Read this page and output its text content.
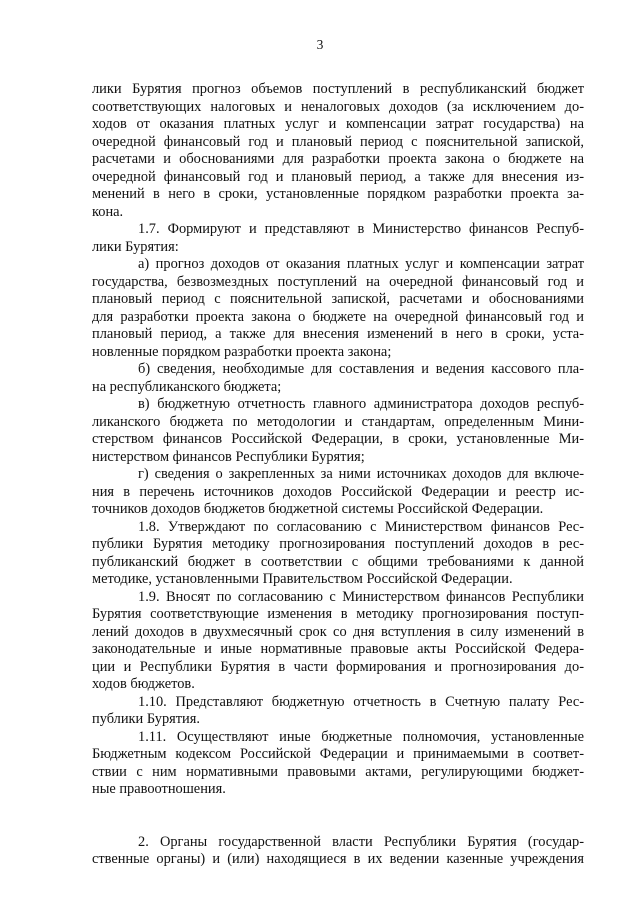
3
лики Бурятия прогноз объемов поступлений в республиканский бюджет
соответствующих налоговых и неналоговых доходов (за исключением до-
ходов от оказания платных услуг и компенсации затрат государства) на
очередной финансовый год и плановый период с пояснительной запиской,
расчетами и обоснованиями для разработки проекта закона о бюджете на
очередной финансовый год и плановый период, а также для внесения из-
менений в него в сроки, установленные порядком разработки проекта за-
кона.
1.7. Формируют и представляют в Министерство финансов Респуб-
лики Бурятия:
а) прогноз доходов от оказания платных услуг и компенсации затрат
государства, безвозмездных поступлений на очередной финансовый год и
плановый период с пояснительной запиской, расчетами и обоснованиями
для разработки проекта закона о бюджете на очередной финансовый год и
плановый период, а также для внесения изменений в него в сроки, уста-
новленные порядком разработки проекта закона;
б) сведения, необходимые для составления и ведения кассового пла-
на республиканского бюджета;
в) бюджетную отчетность главного администратора доходов респуб-
ликанского бюджета по методологии и стандартам, определенным Мини-
стерством финансов Российской Федерации, в сроки, установленные Ми-
нистерством финансов Республики Бурятия;
г) сведения о закрепленных за ними источниках доходов для включе-
ния в перечень источников доходов Российской Федерации и реестр ис-
точников доходов бюджетов бюджетной системы Российской Федерации.
1.8. Утверждают по согласованию с Министерством финансов Рес-
публики Бурятия методику прогнозирования поступлений доходов в рес-
публиканский бюджет в соответствии с общими требованиями к данной
методике, установленными Правительством Российской Федерации.
1.9. Вносят по согласованию с Министерством финансов Республики
Бурятия соответствующие изменения в методику прогнозирования поступ-
лений доходов в двухмесячный срок со дня вступления в силу изменений в
законодательные и иные нормативные правовые акты Российской Федера-
ции и Республики Бурятия в части формирования и прогнозирования до-
ходов бюджетов.
1.10. Представляют бюджетную отчетность в Счетную палату Рес-
публики Бурятия.
1.11. Осуществляют иные бюджетные полномочия, установленные
Бюджетным кодексом Российской Федерации и принимаемыми в соответ-
ствии с ним нормативными правовыми актами, регулирующими бюджет-
ные правоотношения.
2. Органы государственной власти Республики Бурятия (государ-
ственные органы) и (или) находящиеся в их ведении казенные учреждения
